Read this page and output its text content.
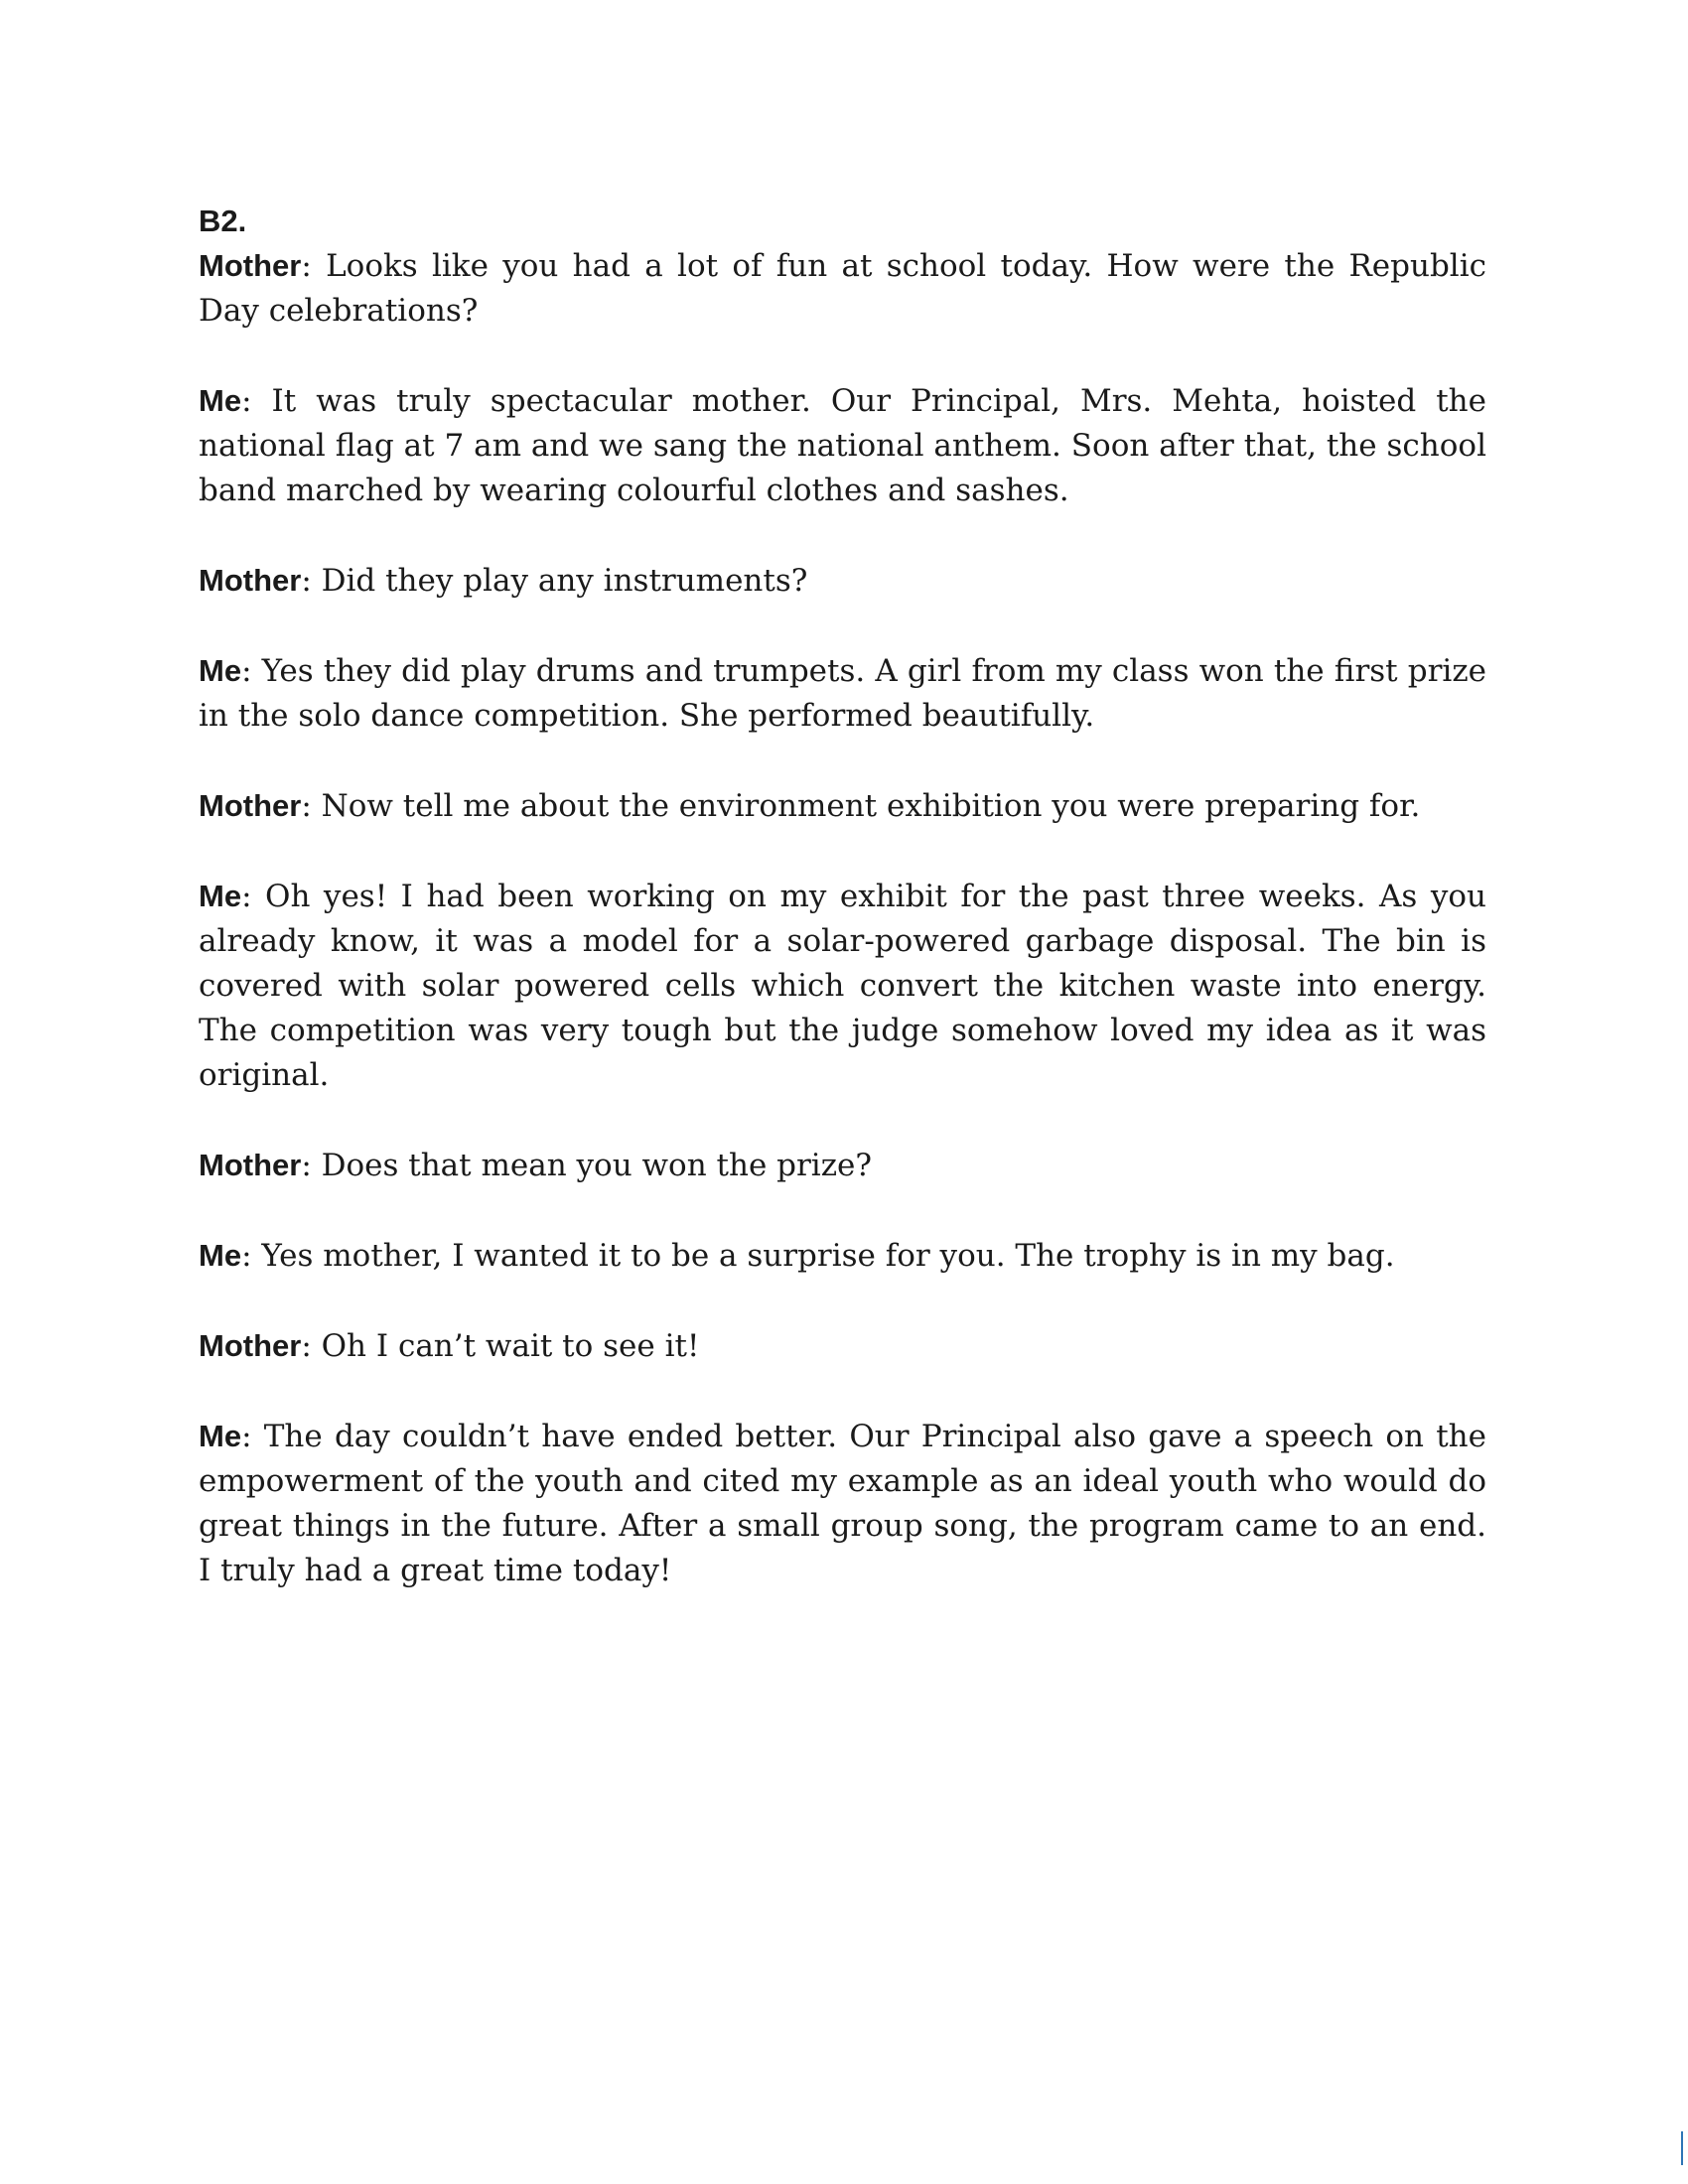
B2.

Mother: Looks like you had a lot of fun at school today. How were the Republic Day celebrations?

Me: It was truly spectacular mother. Our Principal, Mrs. Mehta, hoisted the national flag at 7 am and we sang the national anthem. Soon after that, the school band marched by wearing colourful clothes and sashes.

Mother: Did they play any instruments?

Me: Yes they did play drums and trumpets. A girl from my class won the first prize in the solo dance competition. She performed beautifully.

Mother: Now tell me about the environment exhibition you were preparing for.

Me: Oh yes! I had been working on my exhibit for the past three weeks. As you already know, it was a model for a solar-powered garbage disposal. The bin is covered with solar powered cells which convert the kitchen waste into energy. The competition was very tough but the judge somehow loved my idea as it was original.

Mother: Does that mean you won the prize?

Me: Yes mother, I wanted it to be a surprise for you. The trophy is in my bag.

Mother: Oh I can’t wait to see it!

Me: The day couldn’t have ended better. Our Principal also gave a speech on the empowerment of the youth and cited my example as an ideal youth who would do great things in the future. After a small group song, the program came to an end. I truly had a great time today!
